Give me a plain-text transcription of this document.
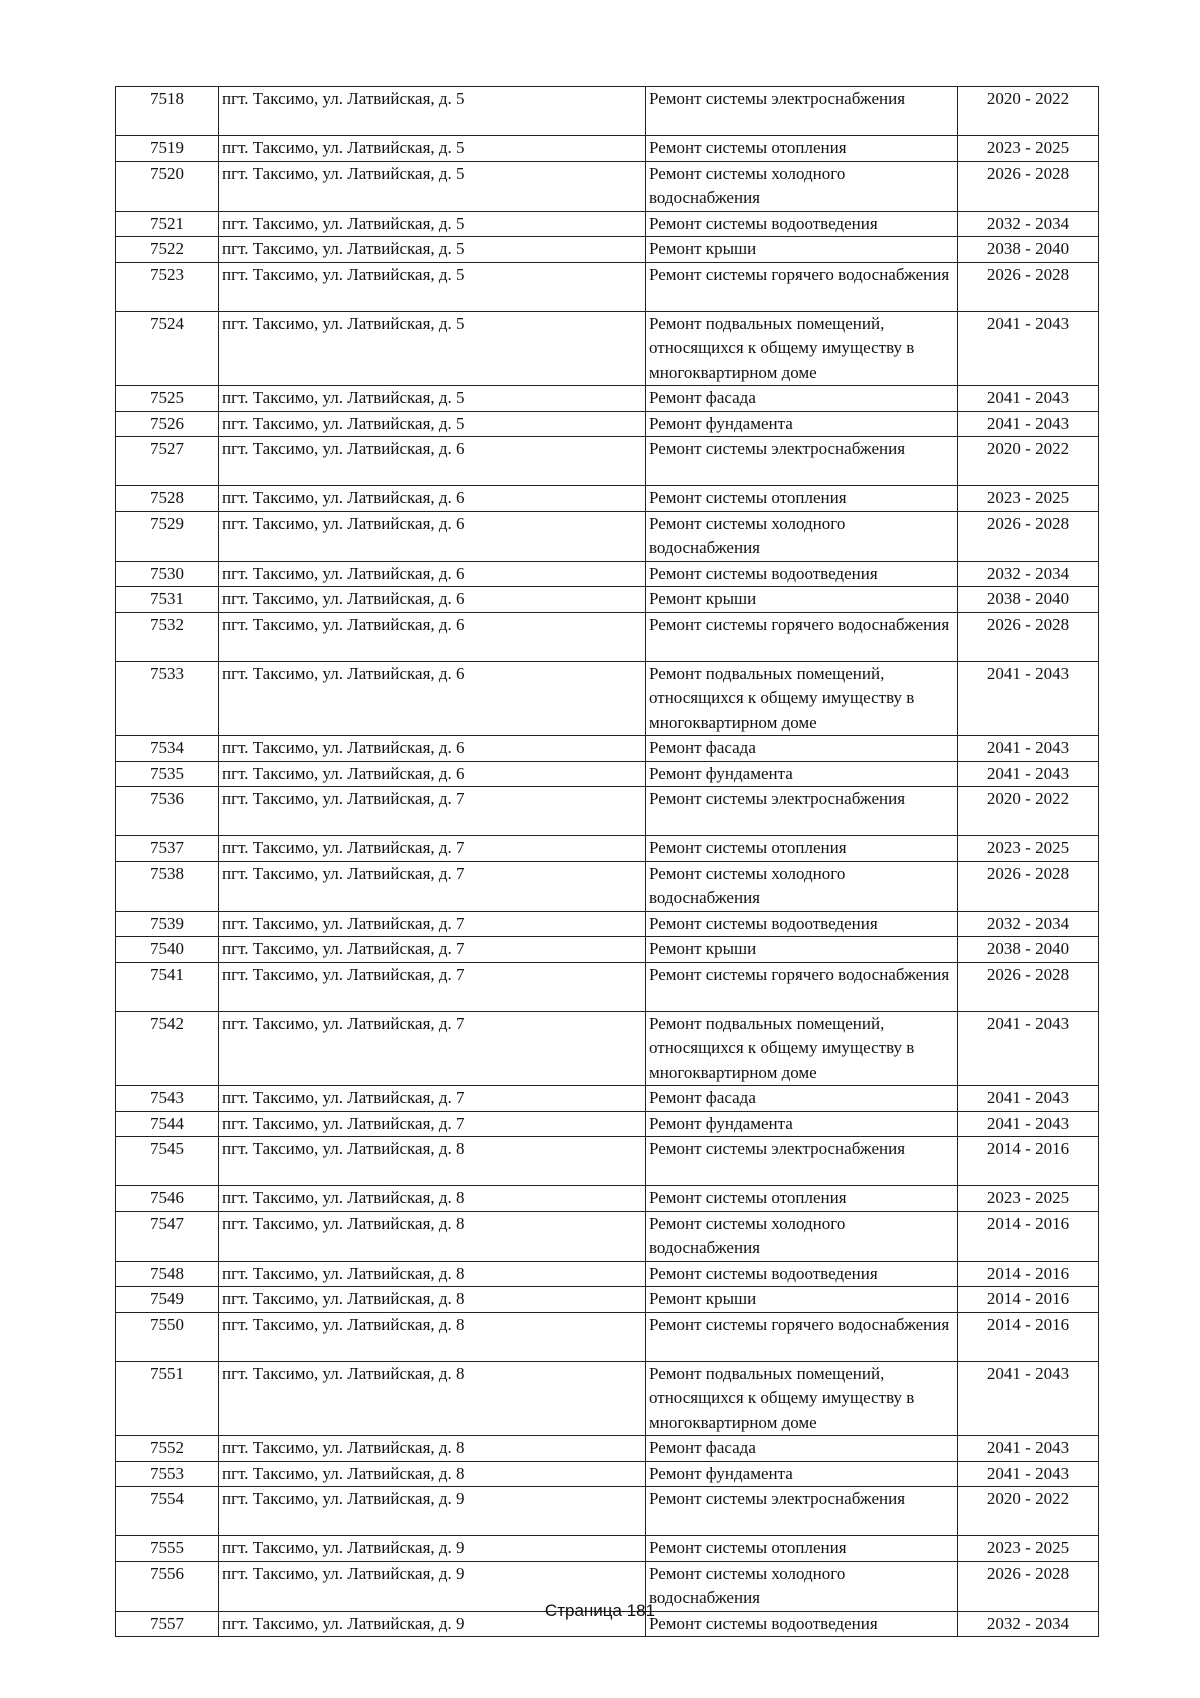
7518	пгт. Таксимо, ул. Латвийская, д. 5	Ремонт системы электроснабжения	2020 - 2022
7519	пгт. Таксимо, ул. Латвийская, д. 5	Ремонт системы отопления	2023 - 2025
7520	пгт. Таксимо, ул. Латвийская, д. 5	Ремонт системы холодного водоснабжения	2026 - 2028
7521	пгт. Таксимо, ул. Латвийская, д. 5	Ремонт системы водоотведения	2032 - 2034
7522	пгт. Таксимо, ул. Латвийская, д. 5	Ремонт крыши	2038 - 2040
7523	пгт. Таксимо, ул. Латвийская, д. 5	Ремонт системы горячего водоснабжения	2026 - 2028
7524	пгт. Таксимо, ул. Латвийская, д. 5	Ремонт подвальных помещений, относящихся к общему имуществу в многоквартирном доме	2041 - 2043
7525	пгт. Таксимо, ул. Латвийская, д. 5	Ремонт фасада	2041 - 2043
7526	пгт. Таксимо, ул. Латвийская, д. 5	Ремонт фундамента	2041 - 2043
7527	пгт. Таксимо, ул. Латвийская, д. 6	Ремонт системы электроснабжения	2020 - 2022
7528	пгт. Таксимо, ул. Латвийская, д. 6	Ремонт системы отопления	2023 - 2025
7529	пгт. Таксимо, ул. Латвийская, д. 6	Ремонт системы холодного водоснабжения	2026 - 2028
7530	пгт. Таксимо, ул. Латвийская, д. 6	Ремонт системы водоотведения	2032 - 2034
7531	пгт. Таксимо, ул. Латвийская, д. 6	Ремонт крыши	2038 - 2040
7532	пгт. Таксимо, ул. Латвийская, д. 6	Ремонт системы горячего водоснабжения	2026 - 2028
7533	пгт. Таксимо, ул. Латвийская, д. 6	Ремонт подвальных помещений, относящихся к общему имуществу в многоквартирном доме	2041 - 2043
7534	пгт. Таксимо, ул. Латвийская, д. 6	Ремонт фасада	2041 - 2043
7535	пгт. Таксимо, ул. Латвийская, д. 6	Ремонт фундамента	2041 - 2043
7536	пгт. Таксимо, ул. Латвийская, д. 7	Ремонт системы электроснабжения	2020 - 2022
7537	пгт. Таксимо, ул. Латвийская, д. 7	Ремонт системы отопления	2023 - 2025
7538	пгт. Таксимо, ул. Латвийская, д. 7	Ремонт системы холодного водоснабжения	2026 - 2028
7539	пгт. Таксимо, ул. Латвийская, д. 7	Ремонт системы водоотведения	2032 - 2034
7540	пгт. Таксимо, ул. Латвийская, д. 7	Ремонт крыши	2038 - 2040
7541	пгт. Таксимо, ул. Латвийская, д. 7	Ремонт системы горячего водоснабжения	2026 - 2028
7542	пгт. Таксимо, ул. Латвийская, д. 7	Ремонт подвальных помещений, относящихся к общему имуществу в многоквартирном доме	2041 - 2043
7543	пгт. Таксимо, ул. Латвийская, д. 7	Ремонт фасада	2041 - 2043
7544	пгт. Таксимо, ул. Латвийская, д. 7	Ремонт фундамента	2041 - 2043
7545	пгт. Таксимо, ул. Латвийская, д. 8	Ремонт системы электроснабжения	2014 - 2016
7546	пгт. Таксимо, ул. Латвийская, д. 8	Ремонт системы отопления	2023 - 2025
7547	пгт. Таксимо, ул. Латвийская, д. 8	Ремонт системы холодного водоснабжения	2014 - 2016
7548	пгт. Таксимо, ул. Латвийская, д. 8	Ремонт системы водоотведения	2014 - 2016
7549	пгт. Таксимо, ул. Латвийская, д. 8	Ремонт крыши	2014 - 2016
7550	пгт. Таксимо, ул. Латвийская, д. 8	Ремонт системы горячего водоснабжения	2014 - 2016
7551	пгт. Таксимо, ул. Латвийская, д. 8	Ремонт подвальных помещений, относящихся к общему имуществу в многоквартирном доме	2041 - 2043
7552	пгт. Таксимо, ул. Латвийская, д. 8	Ремонт фасада	2041 - 2043
7553	пгт. Таксимо, ул. Латвийская, д. 8	Ремонт фундамента	2041 - 2043
7554	пгт. Таксимо, ул. Латвийская, д. 9	Ремонт системы электроснабжения	2020 - 2022
7555	пгт. Таксимо, ул. Латвийская, д. 9	Ремонт системы отопления	2023 - 2025
7556	пгт. Таксимо, ул. Латвийская, д. 9	Ремонт системы холодного водоснабжения	2026 - 2028
7557	пгт. Таксимо, ул. Латвийская, д. 9	Ремонт системы водоотведения	2032 - 2034
Страница 181
